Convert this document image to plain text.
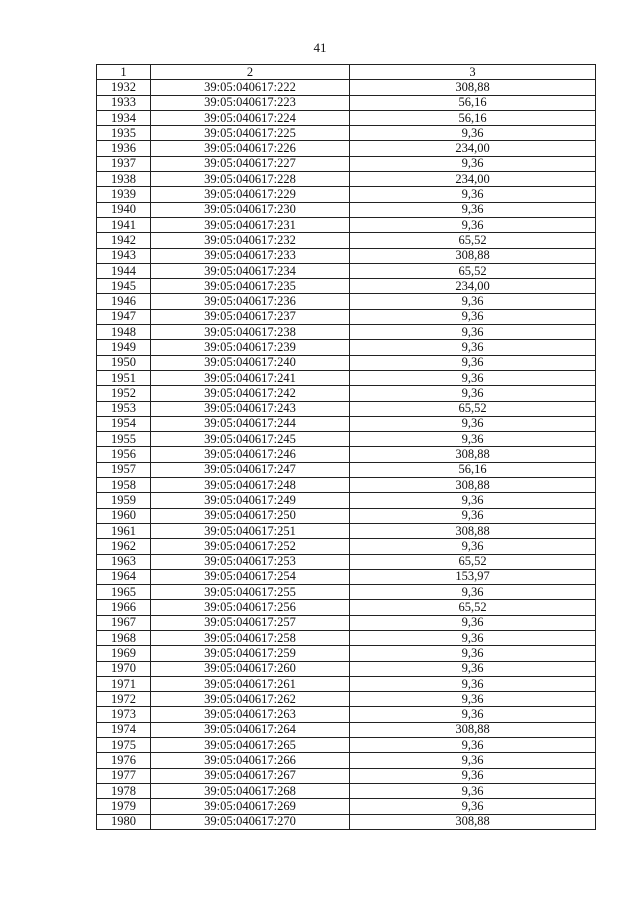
41
1	2	3
1932	39:05:040617:222	308,88
1933	39:05:040617:223	56,16
1934	39:05:040617:224	56,16
1935	39:05:040617:225	9,36
1936	39:05:040617:226	234,00
1937	39:05:040617:227	9,36
1938	39:05:040617:228	234,00
1939	39:05:040617:229	9,36
1940	39:05:040617:230	9,36
1941	39:05:040617:231	9,36
1942	39:05:040617:232	65,52
1943	39:05:040617:233	308,88
1944	39:05:040617:234	65,52
1945	39:05:040617:235	234,00
1946	39:05:040617:236	9,36
1947	39:05:040617:237	9,36
1948	39:05:040617:238	9,36
1949	39:05:040617:239	9,36
1950	39:05:040617:240	9,36
1951	39:05:040617:241	9,36
1952	39:05:040617:242	9,36
1953	39:05:040617:243	65,52
1954	39:05:040617:244	9,36
1955	39:05:040617:245	9,36
1956	39:05:040617:246	308,88
1957	39:05:040617:247	56,16
1958	39:05:040617:248	308,88
1959	39:05:040617:249	9,36
1960	39:05:040617:250	9,36
1961	39:05:040617:251	308,88
1962	39:05:040617:252	9,36
1963	39:05:040617:253	65,52
1964	39:05:040617:254	153,97
1965	39:05:040617:255	9,36
1966	39:05:040617:256	65,52
1967	39:05:040617:257	9,36
1968	39:05:040617:258	9,36
1969	39:05:040617:259	9,36
1970	39:05:040617:260	9,36
1971	39:05:040617:261	9,36
1972	39:05:040617:262	9,36
1973	39:05:040617:263	9,36
1974	39:05:040617:264	308,88
1975	39:05:040617:265	9,36
1976	39:05:040617:266	9,36
1977	39:05:040617:267	9,36
1978	39:05:040617:268	9,36
1979	39:05:040617:269	9,36
1980	39:05:040617:270	308,88
